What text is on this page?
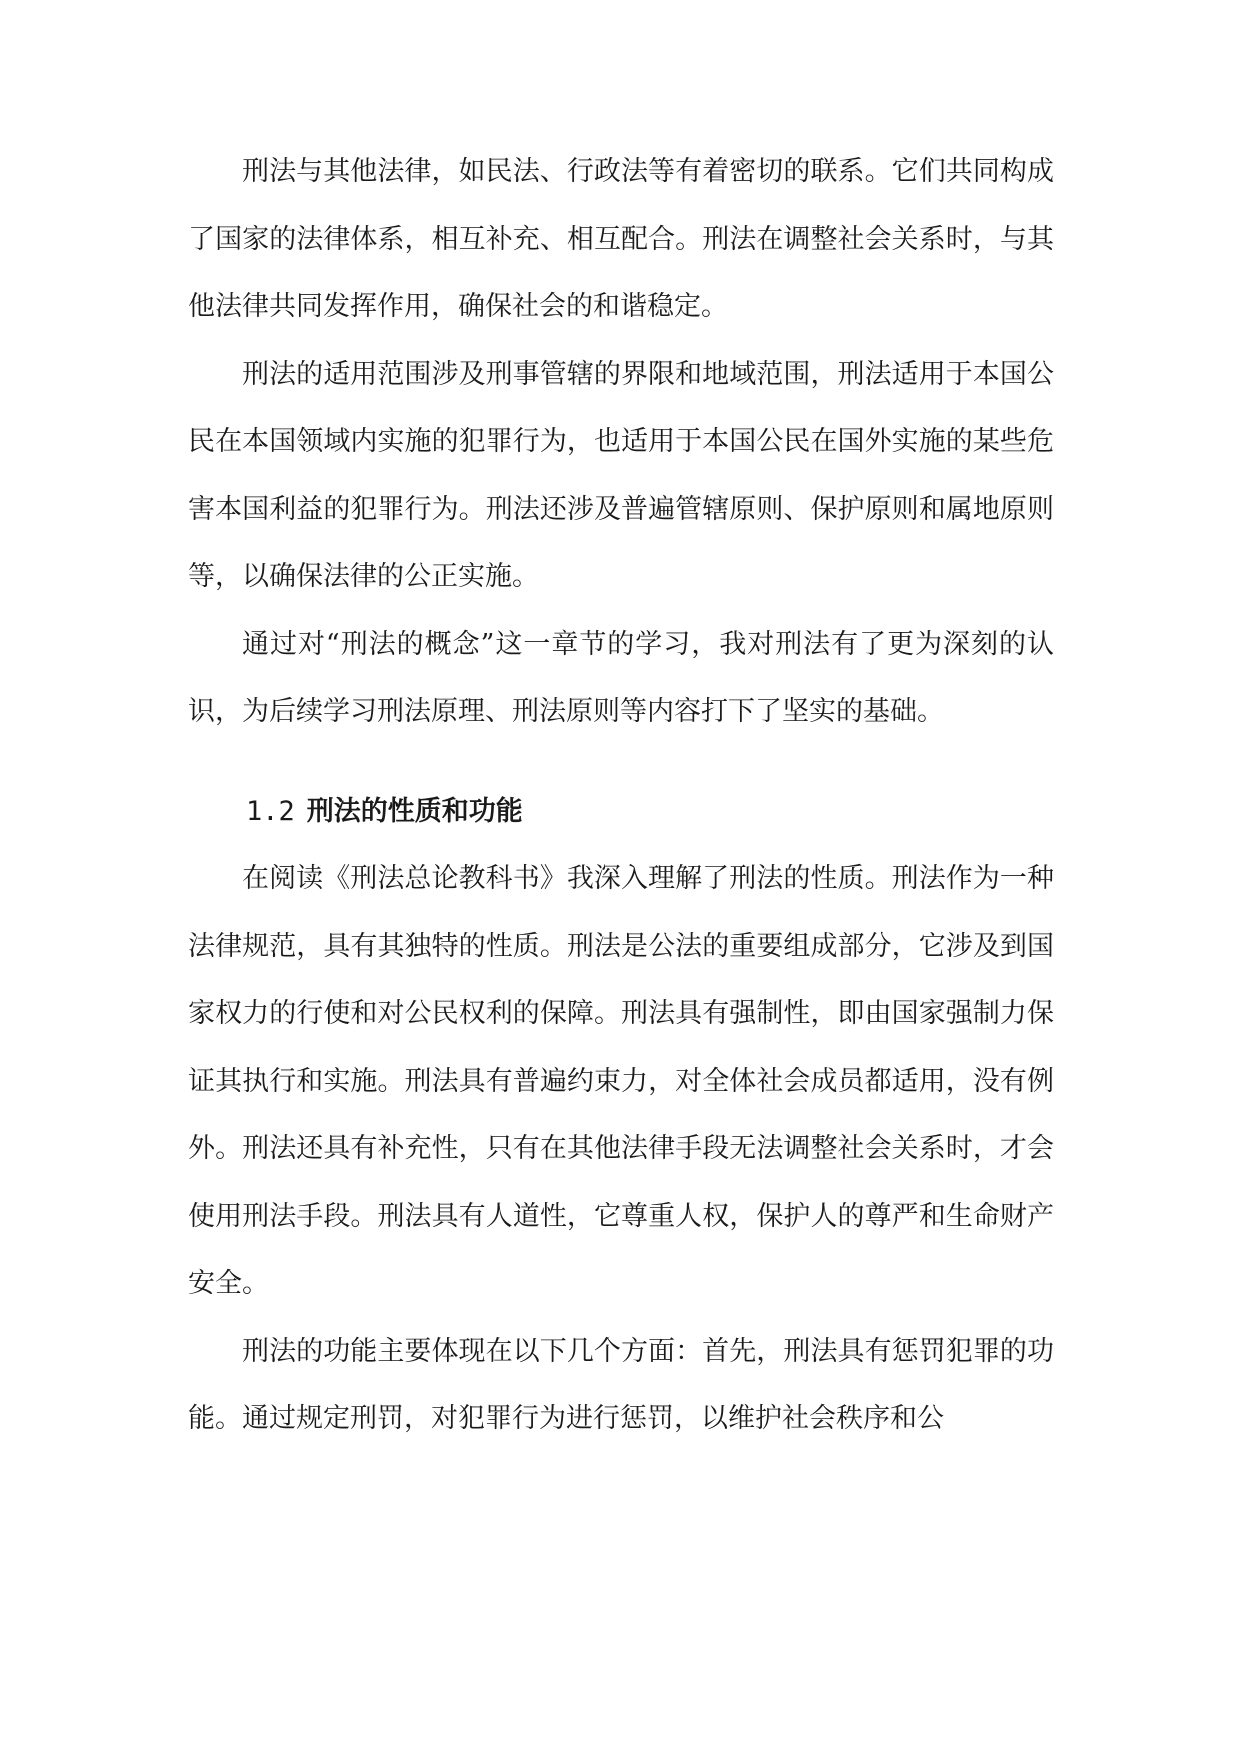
刑法与其他法律，如民法、行政法等有着密切的联系。它们共同构成了国家的法律体系，相互补充、相互配合。刑法在调整社会关系时，与其他法律共同发挥作用，确保社会的和谐稳定。

刑法的适用范围涉及刑事管辖的界限和地域范围，刑法适用于本国公民在本国领域内实施的犯罪行为，也适用于本国公民在国外实施的某些危害本国利益的犯罪行为。刑法还涉及普遍管辖原则、保护原则和属地原则等，以确保法律的公正实施。

通过对“刑法的概念”这一章节的学习，我对刑法有了更为深刻的认识，为后续学习刑法原理、刑法原则等内容打下了坚实的基础。

1.2 刑法的性质和功能

在阅读《刑法总论教科书》我深入理解了刑法的性质。刑法作为一种法律规范，具有其独特的性质。刑法是公法的重要组成部分，它涉及到国家权力的行使和对公民权利的保障。刑法具有强制性，即由国家强制力保证其执行和实施。刑法具有普遍约束力，对全体社会成员都适用，没有例外。刑法还具有补充性，只有在其他法律手段无法调整社会关系时，才会使用刑法手段。刑法具有人道性，它尊重人权，保护人的尊严和生命财产安全。

刑法的功能主要体现在以下几个方面：首先，刑法具有惩罚犯罪的功能。通过规定刑罚，对犯罪行为进行惩罚，以维护社会秩序和公
